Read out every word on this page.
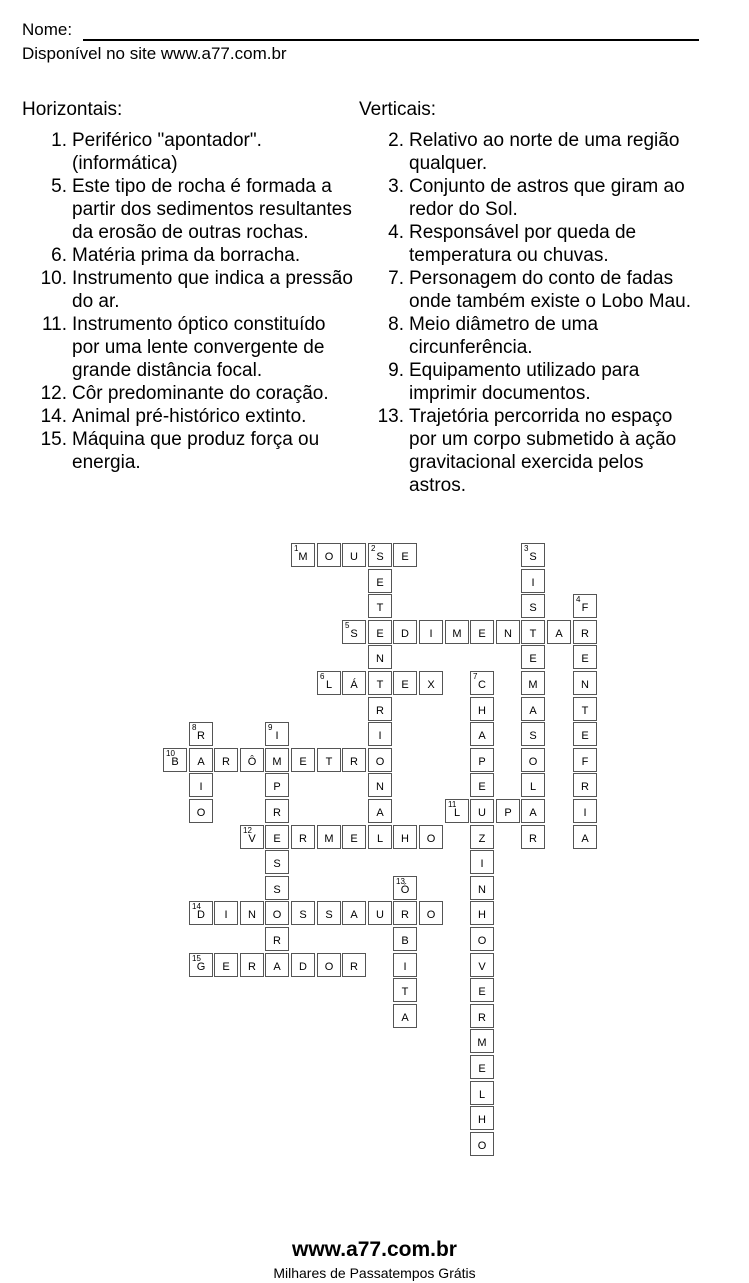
Nome:
Disponível no site www.a77.com.br
Horizontais:	Verticais:
1. Periférico "apontador". (informática)
5. Este tipo de rocha é formada a partir dos sedimentos resultantes da erosão de outras rochas.
6. Matéria prima da borracha.
10. Instrumento que indica a pressão do ar.
11. Instrumento óptico constituído por uma lente convergente de grande distância focal.
12. Côr predominante do coração.
14. Animal pré-histórico extinto.
15. Máquina que produz força ou energia.
2. Relativo ao norte de uma região qualquer.
3. Conjunto de astros que giram ao redor do Sol.
4. Responsável por queda de temperatura ou chuvas.
7. Personagem do conto de fadas onde também existe o Lobo Mau.
8. Meio diâmetro de uma circunferência.
9. Equipamento utilizado para imprimir documentos.
13. Trajetória percorrida no espaço por um corpo submetido à ação gravitacional exercida pelos astros.
1
M	O	U
2
S	E
5
S	E	D	I	M	E	N	T	A	R
6
L	Á	T	E	X
10
B	A	R	Ô	M	E	T	R	O
11
L	U	P	A
12
V	E	R	M	E	L	H	O
14
D	I	N	O	S	S	A	U	R	O
15
G	E	R	A	D	O	R
E
T
N
R
I
N
A
3
S
I
S
E
M
A
S
O
L
R
4
F
E
N
T
E
F
R
I
A
7
C
H
A
P
E
Z
I
N
H
O
V
E
R
M
E
L
H
O
8
R
I
O
9
I
P
R
S
S
R
13
Ó
B
I
T
A
www.a77.com.br
Milhares de Passatempos Grátis
